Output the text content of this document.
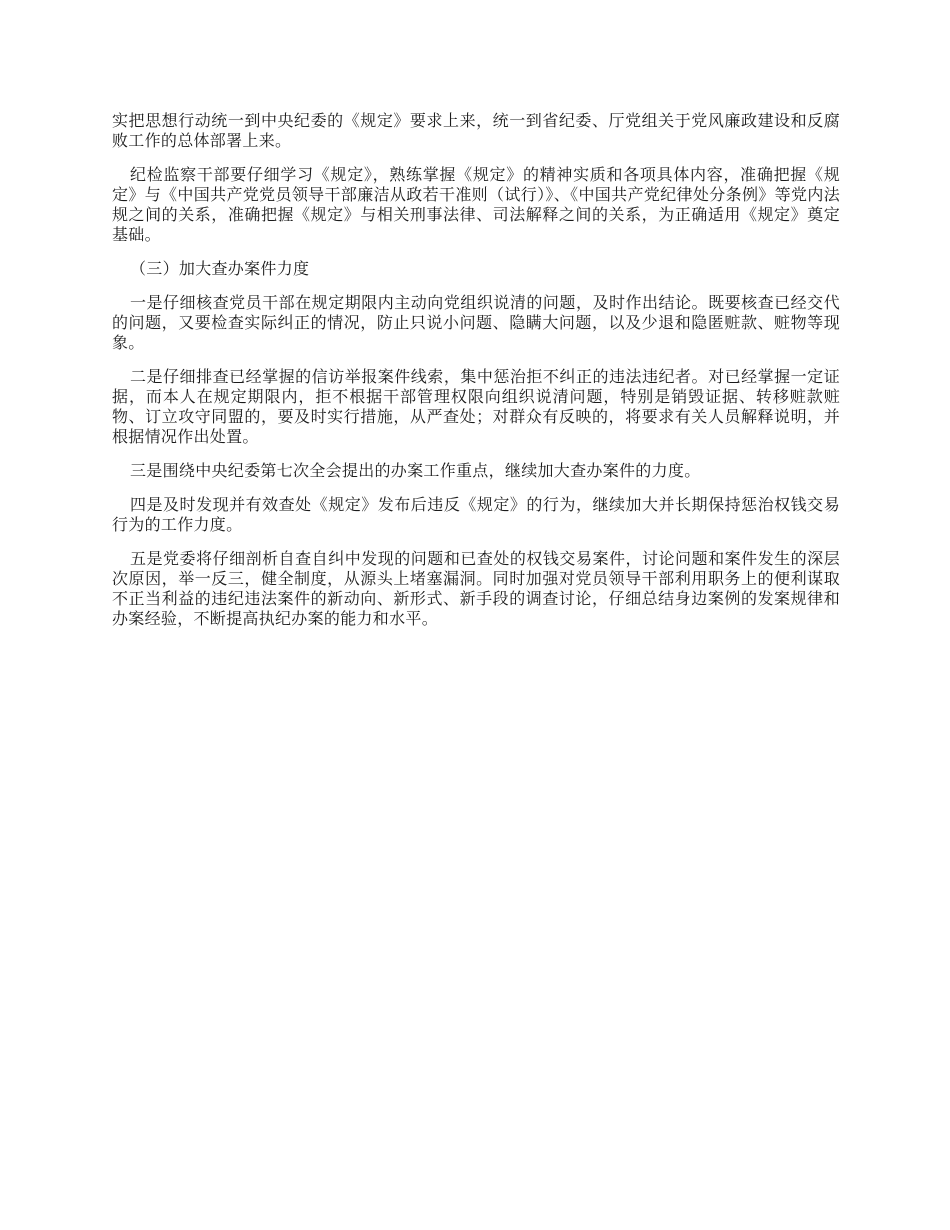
实把思想行动统一到中央纪委的《规定》要求上来，统一到省纪委、厅党组关于党风廉政建设和反腐败工作的总体部署上来。

纪检监察干部要仔细学习《规定》，熟练掌握《规定》的精神实质和各项具体内容，准确把握《规定》与《中国共产党党员领导干部廉洁从政若干准则（试行）》、《中国共产党纪律处分条例》等党内法规之间的关系，准确把握《规定》与相关刑事法律、司法解释之间的关系，为正确适用《规定》奠定基础。

（三）加大查办案件力度

一是仔细核查党员干部在规定期限内主动向党组织说清的问题，及时作出结论。既要核查已经交代的问题，又要检查实际纠正的情况，防止只说小问题、隐瞒大问题，以及少退和隐匿赃款、赃物等现象。

二是仔细排查已经掌握的信访举报案件线索，集中惩治拒不纠正的违法违纪者。对已经掌握一定证据，而本人在规定期限内，拒不根据干部管理权限向组织说清问题，特别是销毁证据、转移赃款赃物、订立攻守同盟的，要及时实行措施，从严查处；对群众有反映的，将要求有关人员解释说明，并根据情况作出处置。

三是围绕中央纪委第七次全会提出的办案工作重点，继续加大查办案件的力度。

四是及时发现并有效查处《规定》发布后违反《规定》的行为，继续加大并长期保持惩治权钱交易行为的工作力度。

五是党委将仔细剖析自查自纠中发现的问题和已查处的权钱交易案件，讨论问题和案件发生的深层次原因，举一反三，健全制度，从源头上堵塞漏洞。同时加强对党员领导干部利用职务上的便利谋取不正当利益的违纪违法案件的新动向、新形式、新手段的调查讨论，仔细总结身边案例的发案规律和办案经验，不断提高执纪办案的能力和水平。
